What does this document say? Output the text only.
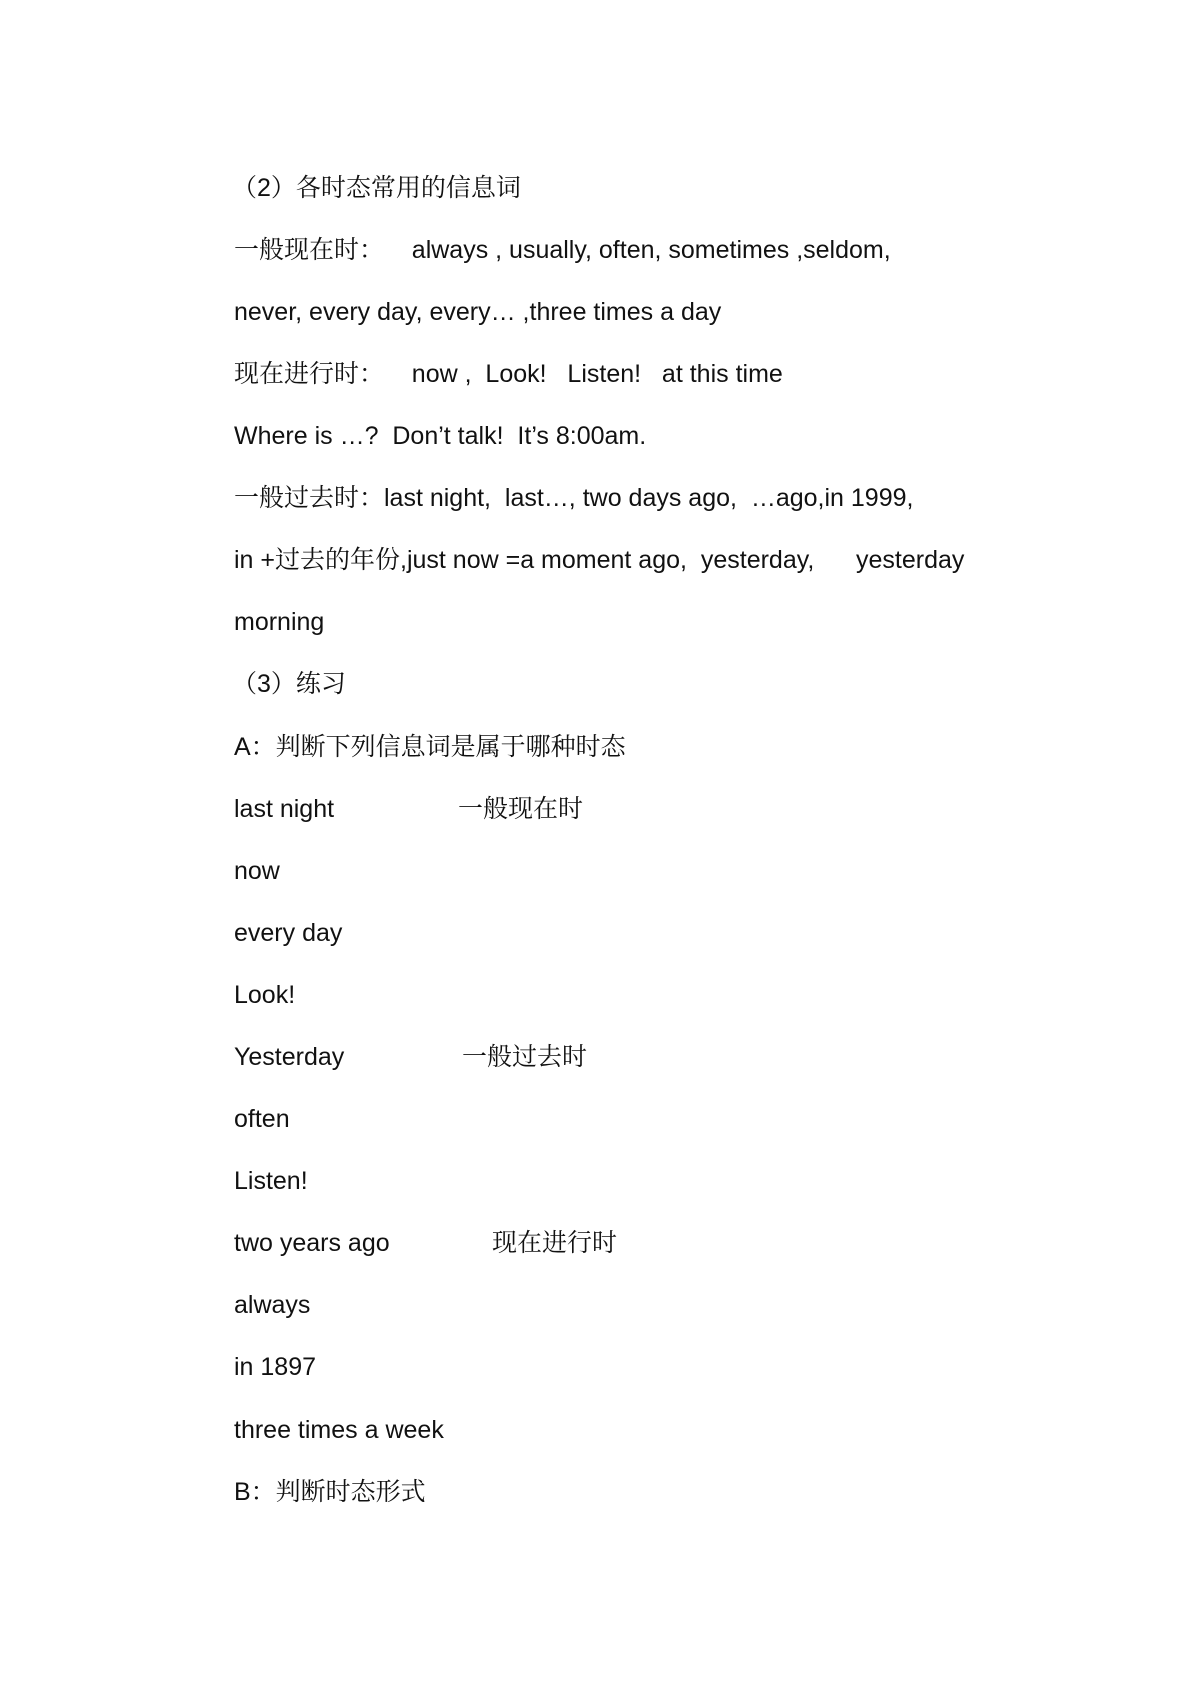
（2）各时态常用的信息词
一般现在时：    always , usually, often, sometimes ,seldom,
never, every day, every… ,three times a day
现在进行时：    now ,  Look!   Listen!   at this time
Where is …?  Don’t talk!  It’s 8:00am.
一般过去时：last night,  last…, two days ago,  …ago,in 1999,
in +过去的年份,just now =a moment ago,  yesterday,      yesterday
morning
（3）练习
A：判断下列信息词是属于哪种时态
last night
now
every day
Look!
Yesterday
often
Listen!
two years ago
always
in 1897
three times a week
一般现在时
一般过去时
现在进行时
B：判断时态形式
